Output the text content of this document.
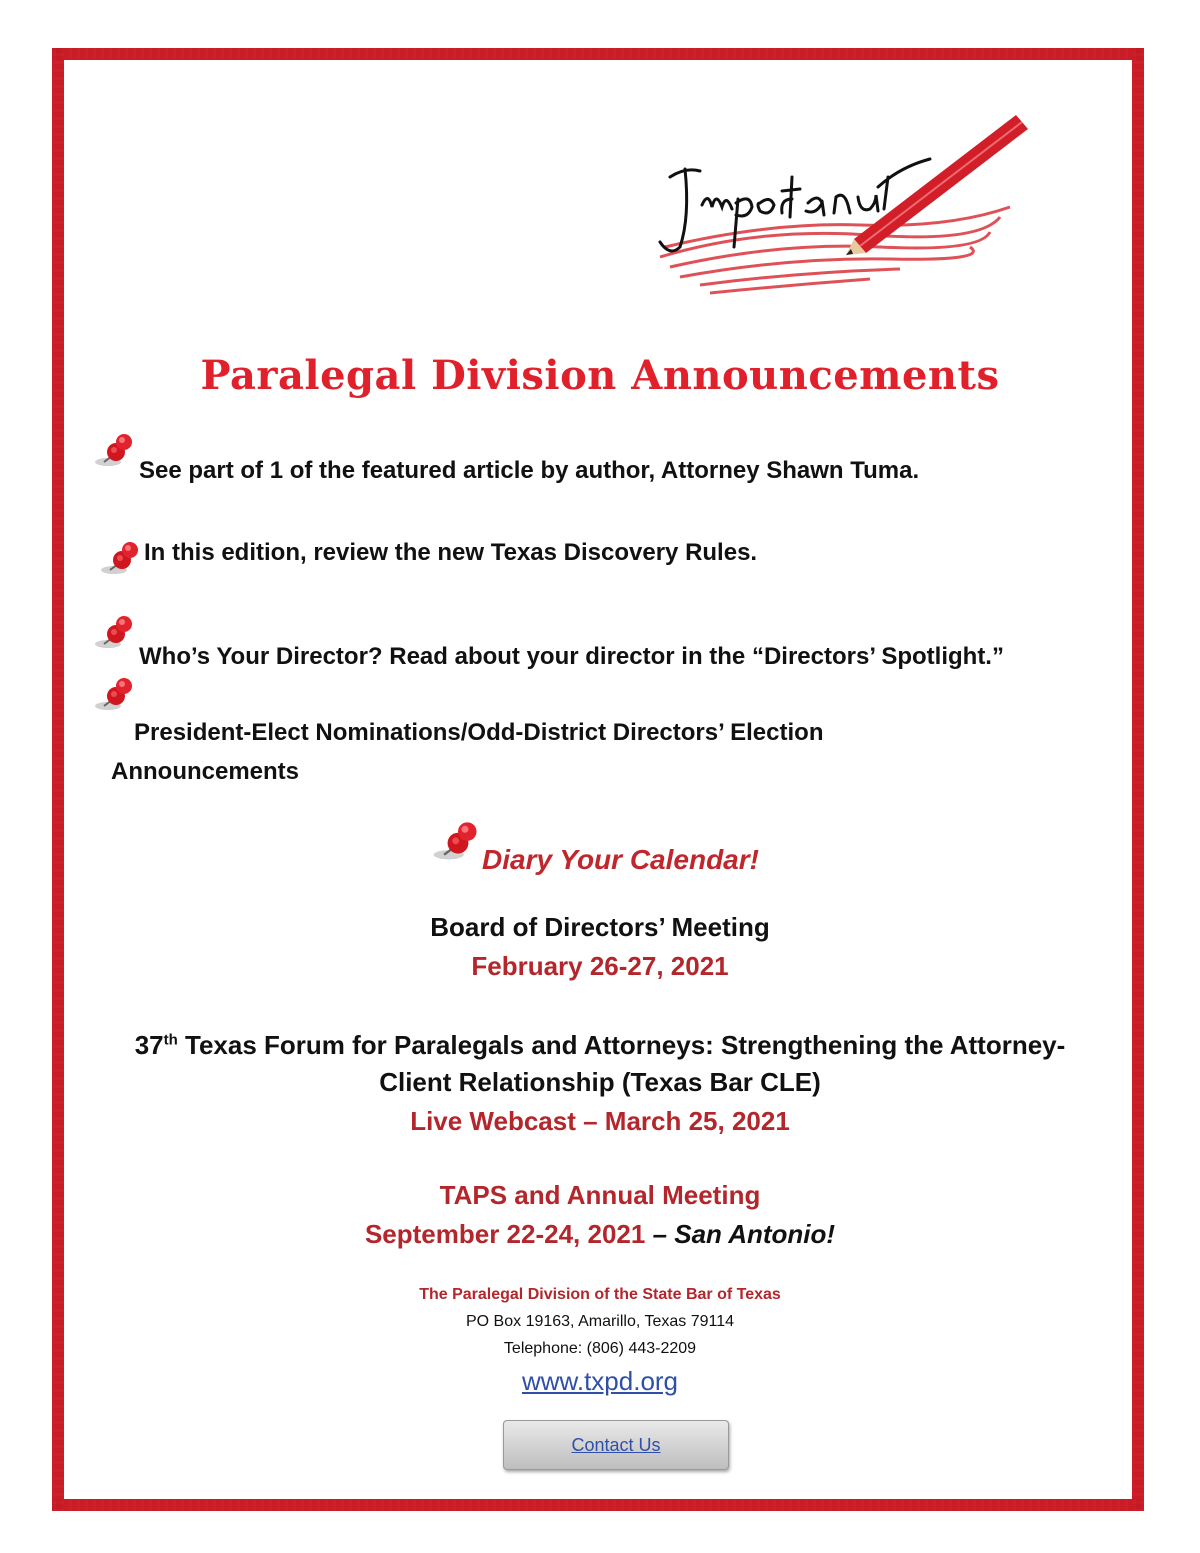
Paralegal Division Announcements
See part of 1 of the featured article by author, Attorney Shawn Tuma.
In this edition, review the new Texas Discovery Rules.
Who’s Your Director? Read about your director in the “Directors’ Spotlight.”
President-Elect Nominations/Odd-District Directors’ Election
Announcements
Diary Your Calendar!
Board of Directors’ Meeting
February 26-27, 2021
37th Texas Forum for Paralegals and Attorneys: Strengthening the Attorney-
Client Relationship (Texas Bar CLE)
Live Webcast – March 25, 2021
TAPS and Annual Meeting
September 22-24, 2021 – San Antonio!
The Paralegal Division of the State Bar of Texas
PO Box 19163, Amarillo, Texas 79114
Telephone: (806) 443-2209
www.txpd.org
Contact Us
